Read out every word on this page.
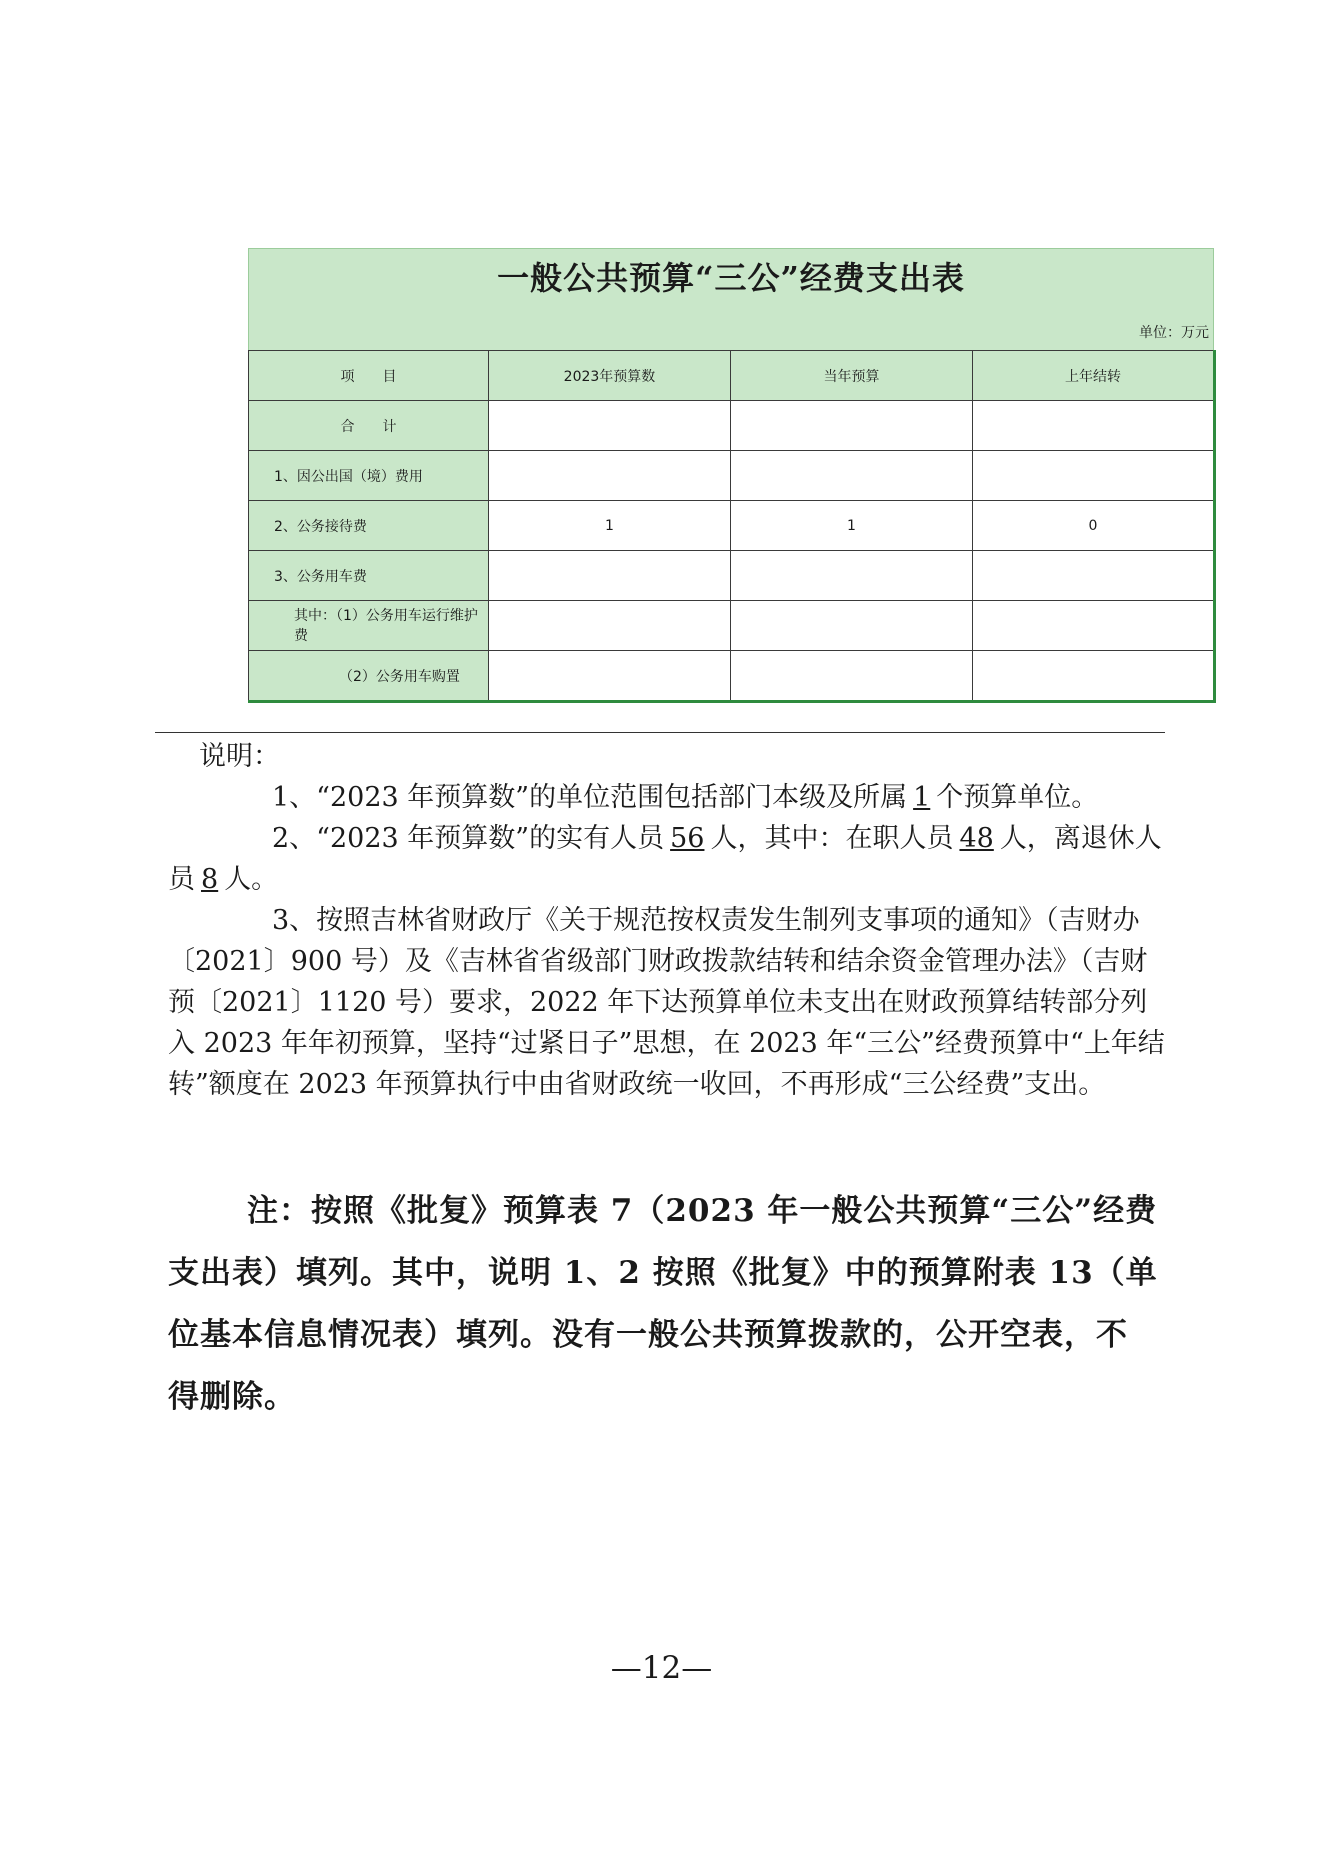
一般公共预算“三公”经费支出表
单位：万元
项　　目	2023年预算数	当年预算	上年结转
合　　计			
1、因公出国（境）费用			
2、公务接待费	1	1	0
3、公务用车费			
其中：（1）公务用车运行维护费			
（2）公务用车购置			

说明：

1、“2023 年预算数”的单位范围包括部门本级及所属 1 个预算单位。

2、“2023 年预算数”的实有人员 56 人，其中：在职人员 48 人，离退休人员 8 人。

3、按照吉林省财政厅《关于规范按权责发生制列支事项的通知》（吉财办〔2021〕900 号）及《吉林省省级部门财政拨款结转和结余资金管理办法》（吉财预〔2021〕1120 号）要求，2022 年下达预算单位未支出在财政预算结转部分列入 2023 年年初预算，坚持“过紧日子”思想，在 2023 年“三公”经费预算中“上年结转”额度在 2023 年预算执行中由省财政统一收回，不再形成“三公经费”支出。

注：按照《批复》预算表 7（2023 年一般公共预算“三公”经费支出表）填列。其中，说明 1、2 按照《批复》中的预算附表 13（单位基本信息情况表）填列。没有一般公共预算拨款的，公开空表，不得删除。

—12—
